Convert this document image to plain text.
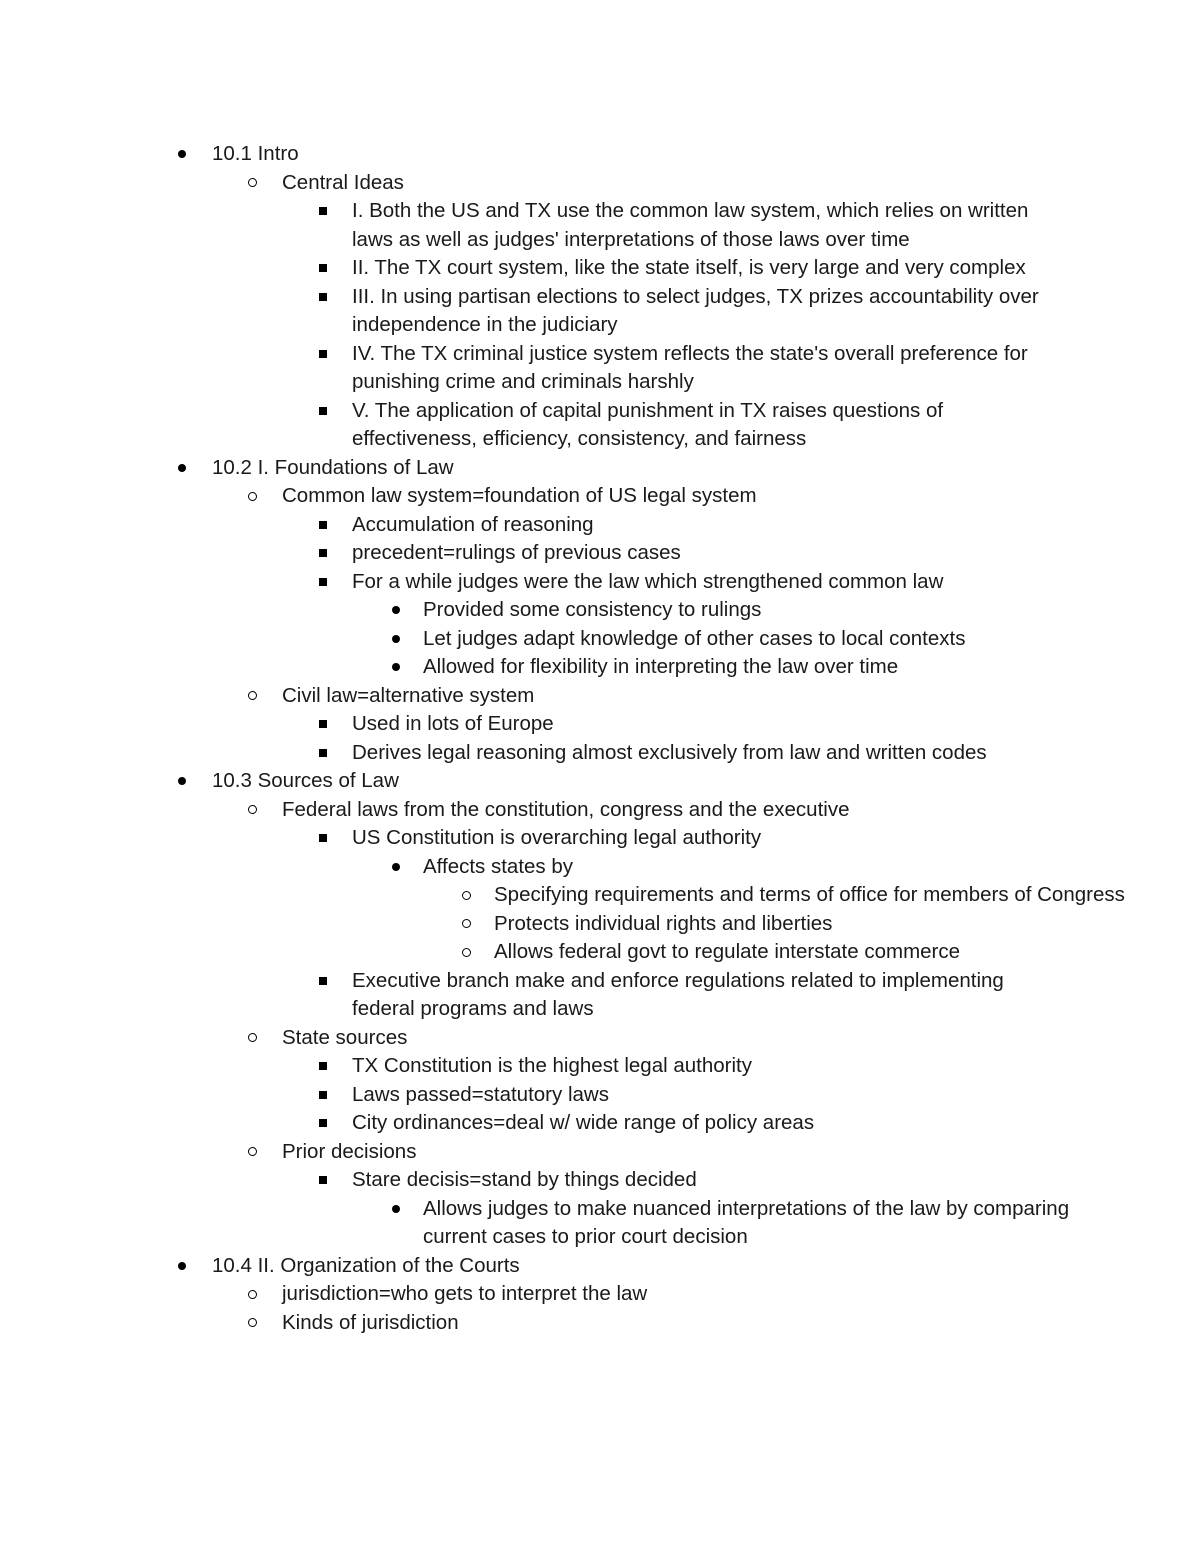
10.1 Intro
Central Ideas
I. Both the US and TX use the common law system, which relies on written laws as well as judges' interpretations of those laws over time
II. The TX court system, like the state itself, is very large and very complex
III. In using partisan elections to select judges, TX prizes accountability over independence in the judiciary
IV. The TX criminal justice system reflects the state's overall preference for punishing crime and criminals harshly
V. The application of capital punishment in TX raises questions of effectiveness, efficiency, consistency, and fairness
10.2 I. Foundations of Law
Common law system=foundation of US legal system
Accumulation of reasoning
precedent=rulings of previous cases
For a while judges were the law which strengthened common law
Provided some consistency to rulings
Let judges adapt knowledge of other cases to local contexts
Allowed for flexibility in interpreting the law over time
Civil law=alternative system
Used in lots of Europe
Derives legal reasoning almost exclusively from law and written codes
10.3 Sources of Law
Federal laws from the constitution, congress and the executive
US Constitution is overarching legal authority
Affects states by
Specifying requirements and terms of office for members of Congress
Protects individual rights and liberties
Allows federal govt to regulate interstate commerce
Executive branch make and enforce regulations related to implementing federal programs and laws
State sources
TX Constitution is the highest legal authority
Laws passed=statutory laws
City ordinances=deal w/ wide range of policy areas
Prior decisions
Stare decisis=stand by things decided
Allows judges to make nuanced interpretations of the law by comparing current cases to prior court decision
10.4 II. Organization of the Courts
jurisdiction=who gets to interpret the law
Kinds of jurisdiction
